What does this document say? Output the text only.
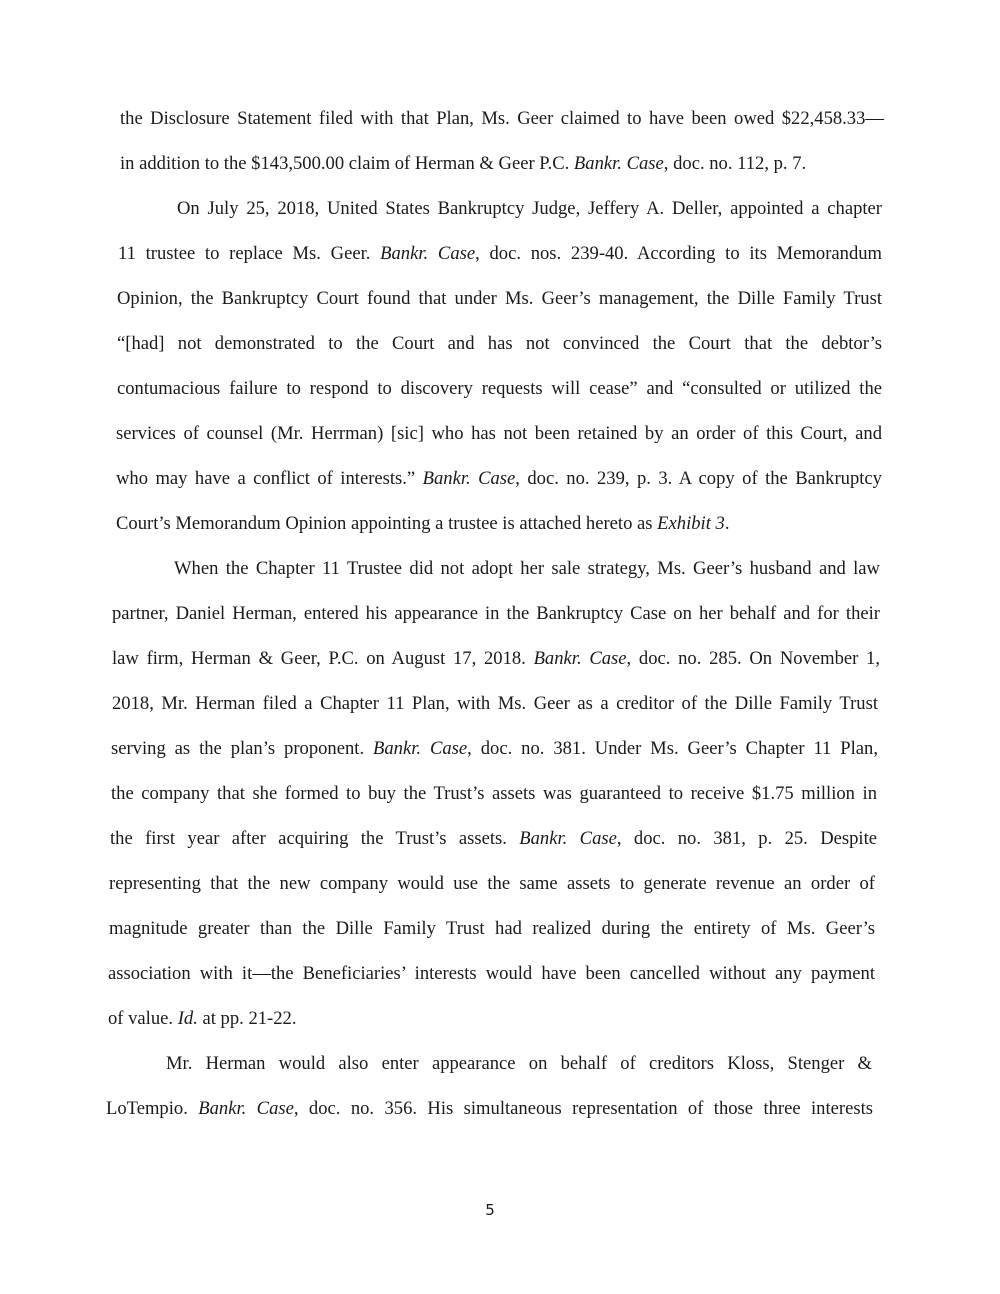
the Disclosure Statement filed with that Plan, Ms. Geer claimed to have been owed $22,458.33—
in addition to the $143,500.00 claim of Herman & Geer P.C. Bankr. Case, doc. no. 112, p. 7.
On July 25, 2018, United States Bankruptcy Judge, Jeffery A. Deller, appointed a chapter
11 trustee to replace Ms. Geer. Bankr. Case, doc. nos. 239-40. According to its Memorandum
Opinion, the Bankruptcy Court found that under Ms. Geer’s management, the Dille Family Trust
“[had] not demonstrated to the Court and has not convinced the Court that the debtor’s
contumacious failure to respond to discovery requests will cease” and “consulted or utilized the
services of counsel (Mr. Herrman) [sic] who has not been retained by an order of this Court, and
who may have a conflict of interests.” Bankr. Case, doc. no. 239, p. 3. A copy of the Bankruptcy
Court’s Memorandum Opinion appointing a trustee is attached hereto as Exhibit 3.
When the Chapter 11 Trustee did not adopt her sale strategy, Ms. Geer’s husband and law
partner, Daniel Herman, entered his appearance in the Bankruptcy Case on her behalf and for their
law firm, Herman & Geer, P.C. on August 17, 2018. Bankr. Case, doc. no. 285. On November 1,
2018, Mr. Herman filed a Chapter 11 Plan, with Ms. Geer as a creditor of the Dille Family Trust
serving as the plan’s proponent. Bankr. Case, doc. no. 381. Under Ms. Geer’s Chapter 11 Plan,
the company that she formed to buy the Trust’s assets was guaranteed to receive $1.75 million in
the first year after acquiring the Trust’s assets. Bankr. Case, doc. no. 381, p. 25. Despite
representing that the new company would use the same assets to generate revenue an order of
magnitude greater than the Dille Family Trust had realized during the entirety of Ms. Geer’s
association with it—the Beneficiaries’ interests would have been cancelled without any payment
of value. Id. at pp. 21-22.
Mr. Herman would also enter appearance on behalf of creditors Kloss, Stenger &
LoTempio. Bankr. Case, doc. no. 356. His simultaneous representation of those three interests
5
